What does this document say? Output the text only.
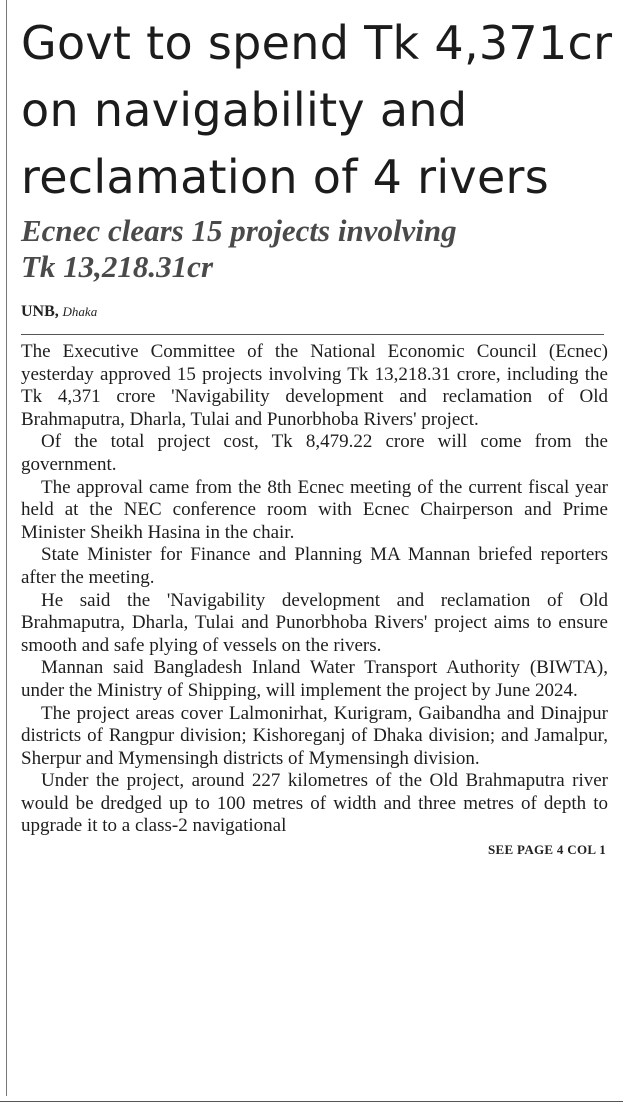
Govt to spend Tk 4,371cr
on navigability and
reclamation of 4 rivers
Ecnec clears 15 projects involving
Tk 13,218.31cr
UNB, Dhaka

The Executive Committee of the National Economic Council (Ecnec) yesterday approved 15 projects involving Tk 13,218.31 crore, including the Tk 4,371 crore 'Navigability development and reclamation of Old Brahmaputra, Dharla, Tulai and Punorbhoba Rivers' project.

Of the total project cost, Tk 8,479.22 crore will come from the government.

The approval came from the 8th Ecnec meeting of the current fiscal year held at the NEC conference room with Ecnec Chairperson and Prime Minister Sheikh Hasina in the chair.

State Minister for Finance and Planning MA Mannan briefed reporters after the meeting.

He said the 'Navigability development and reclamation of Old Brahmaputra, Dharla, Tulai and Punorbhoba Rivers' project aims to ensure smooth and safe plying of vessels on the rivers.

Mannan said Bangladesh Inland Water Transport Authority (BIWTA), under the Ministry of Shipping, will implement the project by June 2024.

The project areas cover Lalmonirhat, Kurigram, Gaibandha and Dinajpur districts of Rangpur division; Kishoreganj of Dhaka division; and Jamalpur, Sherpur and Mymensingh districts of Mymensingh division.

Under the project, around 227 kilometres of the Old Brahmaputra river would be dredged up to 100 metres of width and three metres of depth to upgrade it to a class-2 navigational

SEE PAGE 4 COL 1
